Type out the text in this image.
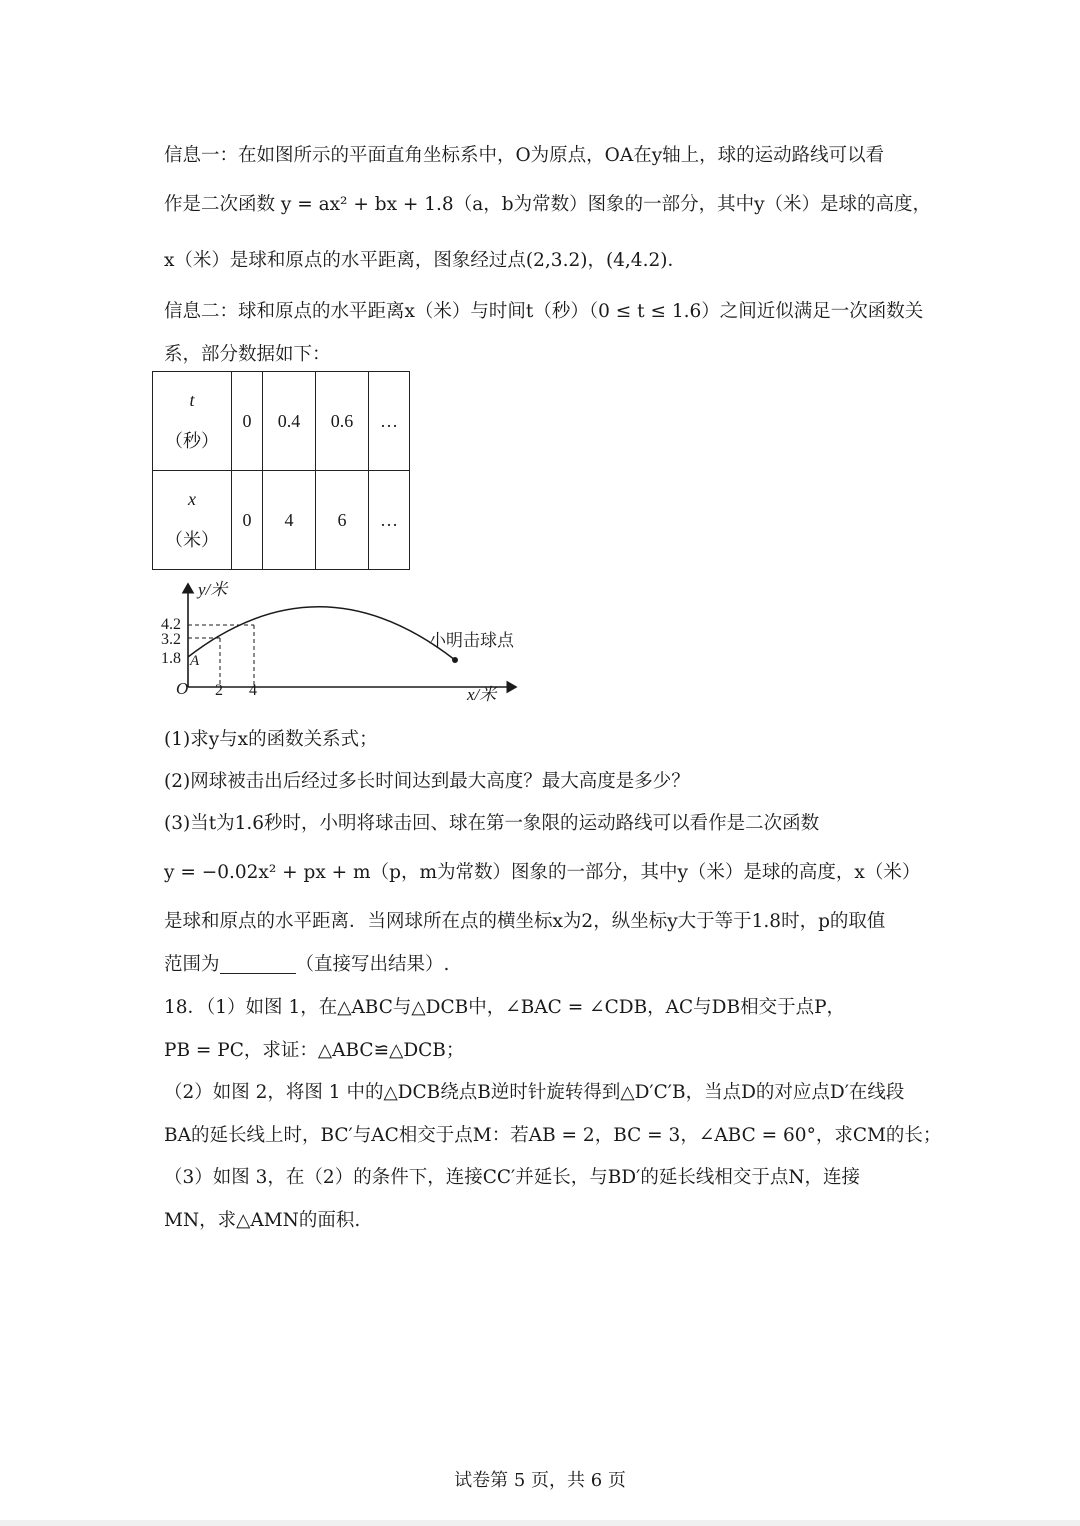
信息一：在如图所示的平面直角坐标系中，O为原点，OA在y轴上，球的运动路线可以看
作是二次函数 y = ax² + bx + 1.8（a，b为常数）图象的一部分，其中y（米）是球的高度，
x（米）是球和原点的水平距离，图象经过点(2,3.2)，(4,4.2)．
信息二：球和原点的水平距离x（米）与时间t（秒）（0 ≤ t ≤ 1.6）之间近似满足一次函数关
系，部分数据如下：
t
（秒）	0	0.4	0.6	…

x
（米）	0	4	6	…
y/米
x/米
O
A
4.2
3.2
1.8
2 4
小明击球点
(1)求y与x的函数关系式；
(2)网球被击出后经过多长时间达到最大高度？最大高度是多少？
(3)当t为1.6秒时，小明将球击回、球在第一象限的运动路线可以看作是二次函数
y = −0.02x² + px + m（p，m为常数）图象的一部分，其中y（米）是球的高度，x（米）
是球和原点的水平距离．当网球所在点的横坐标x为2，纵坐标y大于等于1.8时，p的取值
范围为	（直接写出结果）.
18．（1）如图 1，在△ABC与△DCB中，∠BAC = ∠CDB，AC与DB相交于点P，
PB = PC，求证：△ABC≌△DCB；
（2）如图 2，将图 1 中的△DCB绕点B逆时针旋转得到△D′C′B，当点D的对应点D′在线段
BA的延长线上时，BC′与AC相交于点M：若AB = 2，BC = 3，∠ABC = 60°，求CM的长；
（3）如图 3，在（2）的条件下，连接CC′并延长，与BD′的延长线相交于点N，连接
MN，求△AMN的面积.
试卷第 5 页，共 6 页
